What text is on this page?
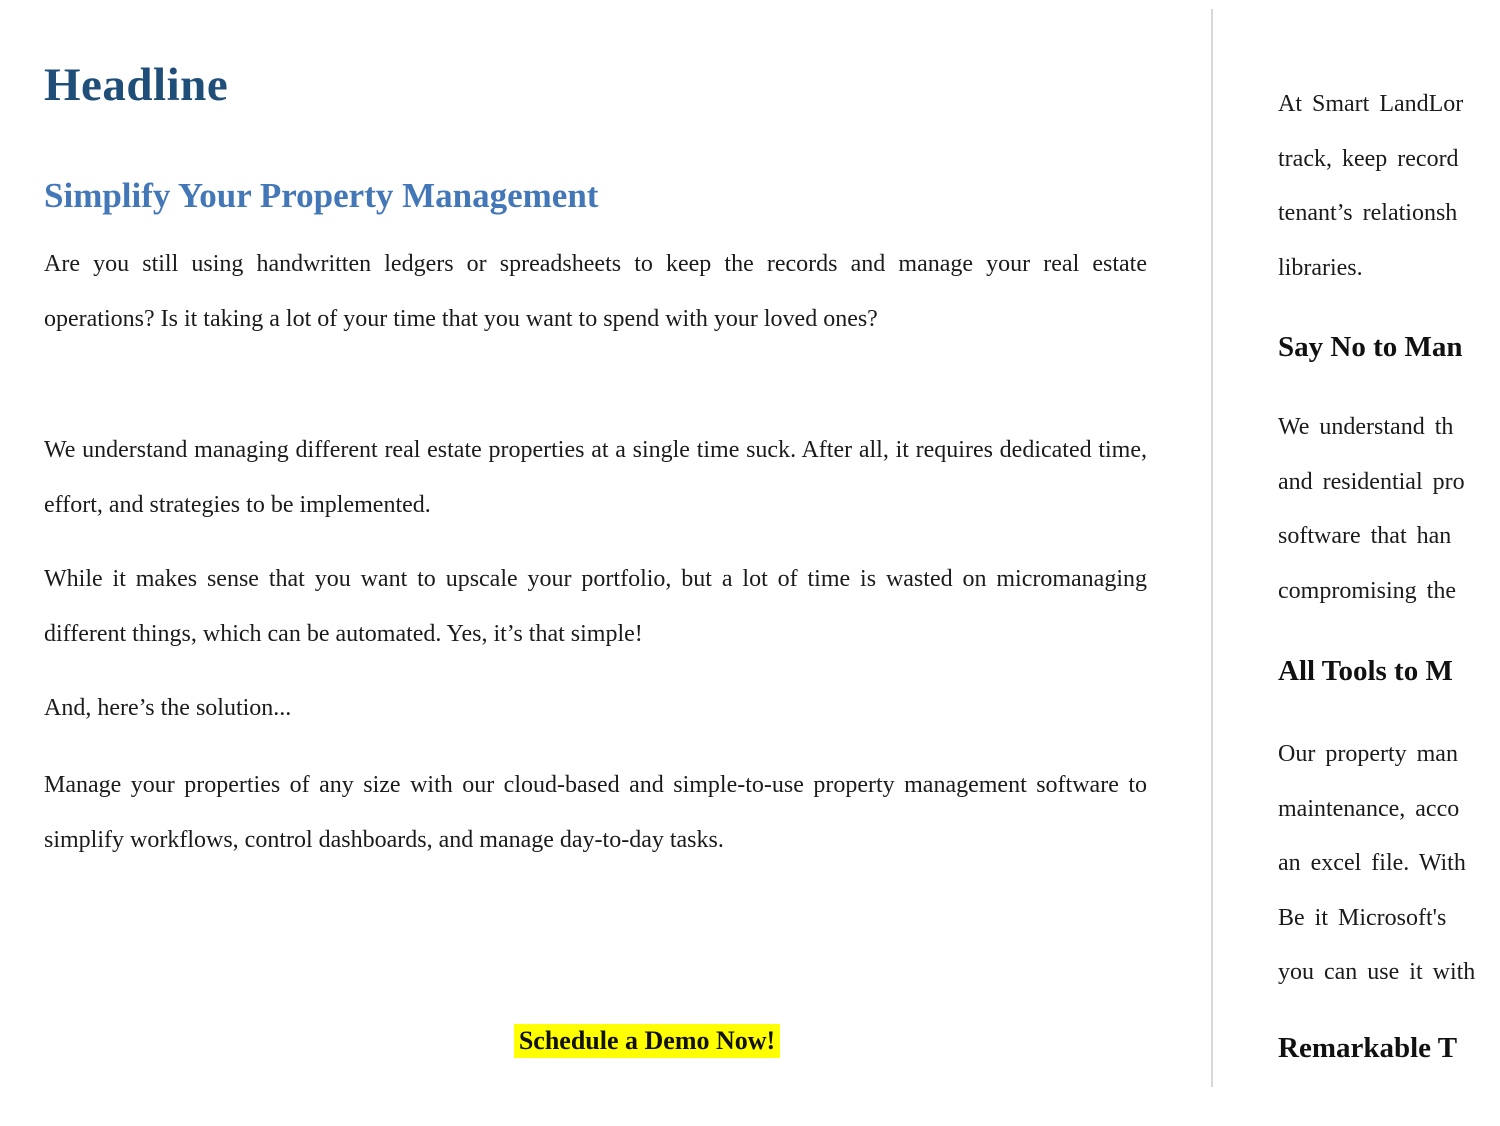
Headline
Simplify Your Property Management

Are you still using handwritten ledgers or spreadsheets to keep the records and manage your real estate operations? Is it taking a lot of your time that you want to spend with your loved ones?

We understand managing different real estate properties at a single time suck. After all, it requires dedicated time, effort, and strategies to be implemented.

While it makes sense that you want to upscale your portfolio, but a lot of time is wasted on micromanaging different things, which can be automated. Yes, it’s that simple!

And, here’s the solution...

Manage your properties of any size with our cloud-based and simple-to-use property management software to simplify workflows, control dashboards, and manage day-to-day tasks.

Schedule a Demo Now!
At Smart LandLor
track, keep record
tenant’s relationsh
libraries.
Say No to Man
We understand th
and residential pro
software that han
compromising the
All Tools to M
Our property man
maintenance, acco
an excel file. With
Be it Microsoft's
you can use it with
Remarkable T
